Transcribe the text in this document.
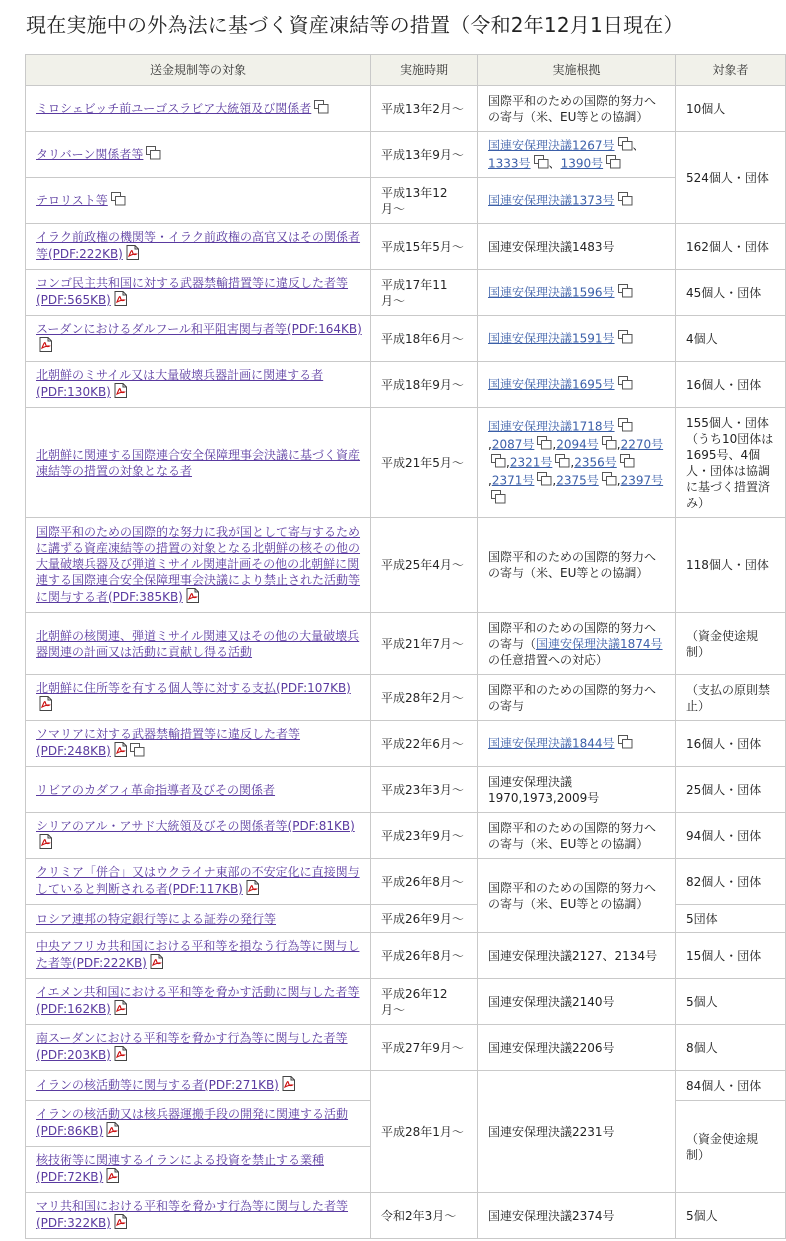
現在実施中の外為法に基づく資産凍結等の措置（令和2年12月1日現在）
送金規制等の対象	実施時期	実施根拠	対象者
ミロシェビッチ前ユーゴスラビア大統領及び関係者	平成13年2月〜	国際平和のための国際的努力への寄与（米、EU等との協調）	10個人
タリバーン関係者等	平成13年9月〜	国連安保理決議1267号 、1333号 、1390号	524個人・団体
テロリスト等	平成13年12月〜	国連安保理決議1373号	
イラク前政権の機関等・イラク前政権の高官又はその関係者等(PDF:222KB)	平成15年5月〜	国連安保理決議1483号	162個人・団体
コンゴ民主共和国に対する武器禁輸措置等に違反した者等(PDF:565KB)	平成17年11月〜	国連安保理決議1596号	45個人・団体
スーダンにおけるダルフール和平阻害関与者等(PDF:164KB)	平成18年6月〜	国連安保理決議1591号	4個人
北朝鮮のミサイル又は大量破壊兵器計画に関連する者(PDF:130KB)	平成18年9月〜	国連安保理決議1695号	16個人・団体
北朝鮮に関連する国際連合安全保障理事会決議に基づく資産凍結等の措置の対象となる者	平成21年5月〜	国連安保理決議1718号,2087号 ,2094号 ,2270号,2321号 ,2356号,2371号 ,2375号 ,2397号	155個人・団体（うち10団体は1695号、4個人・団体は協調に基づく措置済み）
国際平和のための国際的な努力に我が国として寄与するために講ずる資産凍結等の措置の対象となる北朝鮮の核その他の大量破壊兵器及び弾道ミサイル関連計画その他の北朝鮮に関連する国際連合安全保障理事会決議により禁止された活動等に関与する者(PDF:385KB)	平成25年4月〜	国際平和のための国際的努力への寄与（米、EU等との協調）	118個人・団体
北朝鮮の核関連、弾道ミサイル関連又はその他の大量破壊兵器関連の計画又は活動に貢献し得る活動	平成21年7月〜	国際平和のための国際的努力への寄与（国連安保理決議1874号の任意措置への対応）	（資金使途規制）
北朝鮮に住所等を有する個人等に対する支払(PDF:107KB)	平成28年2月〜	国際平和のための国際的努力への寄与	（支払の原則禁止）
ソマリアに対する武器禁輸措置等に違反した者等(PDF:248KB)	平成22年6月〜	国連安保理決議1844号	16個人・団体
リビアのカダフィ革命指導者及びその関係者	平成23年3月〜	国連安保理決議1970,1973,2009号	25個人・団体
シリアのアル・アサド大統領及びその関係者等(PDF:81KB)	平成23年9月〜	国際平和のための国際的努力への寄与（米、EU等との協調）	94個人・団体
クリミア「併合」又はウクライナ東部の不安定化に直接関与していると判断される者(PDF:117KB)	平成26年8月〜	国際平和のための国際的努力への寄与（米、EU等との協調）	82個人・団体
ロシア連邦の特定銀行等による証券の発行等	平成26年9月〜		5団体
中央アフリカ共和国における平和等を損なう行為等に関与した者等(PDF:222KB)	平成26年8月〜	国連安保理決議2127、2134号	15個人・団体
イエメン共和国における平和等を脅かす活動に関与した者等(PDF:162KB)	平成26年12月〜	国連安保理決議2140号	5個人
南スーダンにおける平和等を脅かす行為等に関与した者等(PDF:203KB)	平成27年9月〜	国連安保理決議2206号	8個人
イランの核活動等に関与する者(PDF:271KB)	平成28年1月〜	国連安保理決議2231号	84個人・団体
イランの核活動又は核兵器運搬手段の開発に関連する活動(PDF:86KB)			（資金使途規制）
核技術等に関連するイランによる投資を禁止する業種(PDF:72KB)			
マリ共和国における平和等を脅かす行為等に関与した者等(PDF:322KB)	令和2年3月〜	国連安保理決議2374号	5個人
